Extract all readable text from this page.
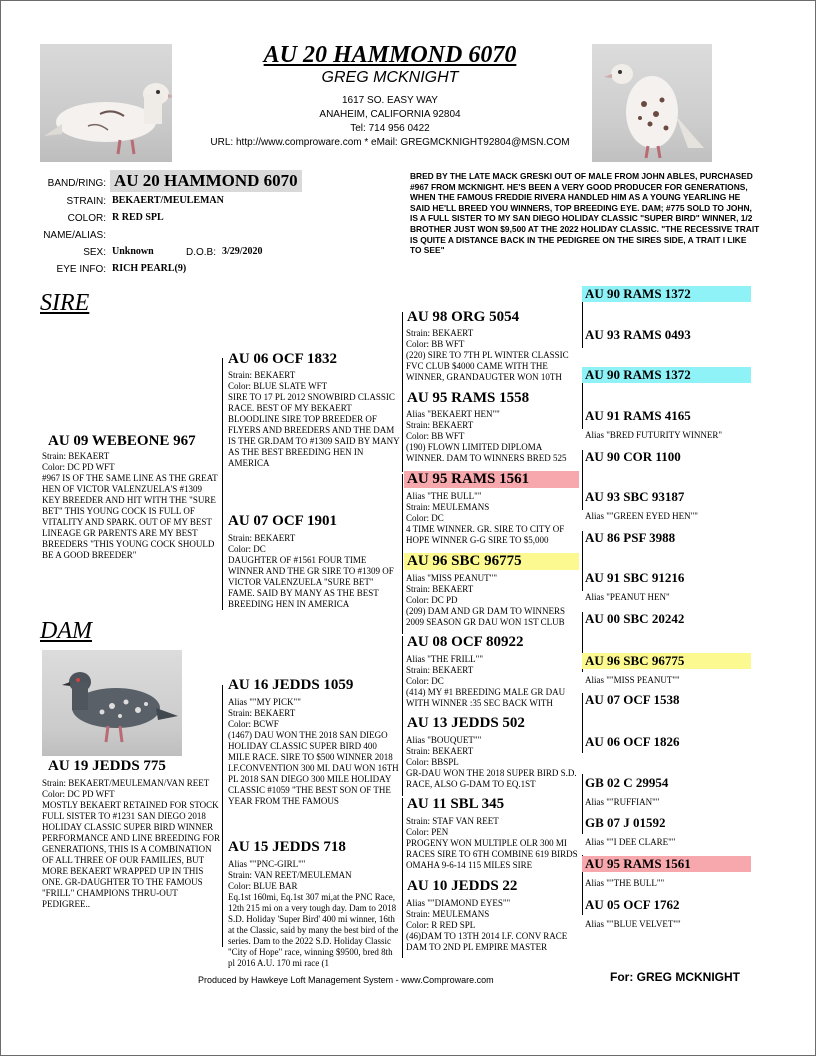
AU 20 HAMMOND 6070
GREG MCKNIGHT
1617 SO. EASY WAY
ANAHEIM, CALIFORNIA 92804
Tel: 714 956 0422
URL: http://www.comproware.com * eMail: GREGMCKNIGHT92804@MSN.COM
BAND/RING: AU 20 HAMMOND 6070
STRAIN: BEKAERT/MEULEMAN
COLOR: R RED SPL
NAME/ALIAS:
SEX: Unknown	D.O.B: 3/29/2020
EYE INFO: RICH PEARL(9)
BRED BY THE LATE MACK GRESKI OUT OF MALE FROM JOHN ABLES, PURCHASED #967 FROM MCKNIGHT. HE'S BEEN A VERY GOOD PRODUCER FOR GENERATIONS, WHEN THE FAMOUS FREDDIE RIVERA HANDLED HIM AS A YOUNG YEARLING HE SAID HE'LL BREED YOU WINNERS, TOP BREEDING EYE. DAM; #775 SOLD TO JOHN, IS A FULL SISTER TO MY SAN DIEGO HOLIDAY CLASSIC "SUPER BIRD" WINNER, 1/2 BROTHER JUST WON $9,500 AT THE 2022 HOLIDAY CLASSIC. "THE RECESSIVE TRAIT IS QUITE A DISTANCE BACK IN THE PEDIGREE ON THE SIRES SIDE, A TRAIT I LIKE TO SEE"
SIRE
DAM
AU 09 WEBEONE 967
Strain: BEKAERT
Color: DC PD WFT
#967 IS OF THE SAME LINE AS THE GREAT HEN OF VICTOR VALENZUELA'S #1309 KEY BREEDER AND HIT WITH THE "SURE BET" THIS YOUNG COCK IS FULL OF VITALITY AND SPARK. OUT OF MY BEST LINEAGE GR PARENTS ARE MY BEST BREEDERS "THIS YOUNG COCK SHOULD BE A GOOD BREEDER"
AU 19 JEDDS 775
Strain: BEKAERT/MEULEMAN/VAN REET
Color: DC PD WFT
MOSTLY BEKAERT RETAINED FOR STOCK FULL SISTER TO #1231 SAN DIEGO 2018 HOLIDAY CLASSIC SUPER BIRD WINNER PERFORMANCE AND LINE BREEDING FOR GENERATIONS, THIS IS A COMBINATION OF ALL THREE OF OUR FAMILIES, BUT MORE BEKAERT WRAPPED UP IN THIS ONE. GR-DAUGHTER TO THE FAMOUS "FRILL" CHAMPIONS THRU-OUT PEDIGREE..
AU 06 OCF 1832
Strain: BEKAERT
Color: BLUE SLATE WFT
SIRE TO 17 PL 2012 SNOWBIRD CLASSIC RACE. BEST OF MY BEKAERT BLOODLINE SIRE TOP BREEDER OF FLYERS AND BREEDERS AND THE DAM IS THE GR.DAM TO #1309 SAID BY MANY AS THE BEST BREEDING HEN IN AMERICA
AU 07 OCF 1901
Strain: BEKAERT
Color: DC
DAUGHTER OF #1561 FOUR TIME WINNER AND THE GR SIRE TO #1309 OF VICTOR VALENZUELA "SURE BET" FAME. SAID BY MANY AS THE BEST BREEDING HEN IN AMERICA
AU 16 JEDDS 1059
Alias ""MY PICK""
Strain: BEKAERT
Color: BCWF
(1467) DAU WON THE 2018 SAN DIEGO HOLIDAY CLASSIC SUPER BIRD 400 MILE RACE. SIRE TO $500 WINNER 2018 I.F.CONVENTION 300 MI. DAU WON 16TH PL 2018 SAN DIEGO 300 MILE HOLIDAY CLASSIC #1059 "THE BEST SON OF THE YEAR FROM THE FAMOUS
AU 15 JEDDS 718
Alias ""PNC-GIRL""
Strain: VAN REET/MEULEMAN
Color: BLUE BAR
Eq.1st 160mi, Eq.1st 307 mi,at the PNC Race, 12th 215 mi on a very tough day. Dam to 2018 S.D. Holiday 'Super Bird' 400 mi winner, 16th at the Classic, said by many the best bird of the series. Dam to the 2022 S.D. Holiday Classic "City of Hope" race, winning $9500, bred 8th pl 2016 A.U. 170 mi race (1
AU 98 ORG 5054
Strain: BEKAERT
Color: BB WFT
(220) SIRE TO 7TH PL WINTER CLASSIC FVC CLUB $4000 CAME WITH THE WINNER, GRANDAUGTER WON 10TH
AU 95 RAMS 1558
Alias "BEKAERT HEN""
Strain: BEKAERT
Color: BB WFT
(190) FLOWN LIMITED DIPLOMA WINNER. DAM TO WINNERS BRED 525
AU 95 RAMS 1561
Alias "THE BULL""
Strain: MEULEMANS
Color: DC
4 TIME WINNER. GR. SIRE TO CITY OF HOPE WINNER G-G SIRE TO $5,000
AU 96 SBC 96775
Alias "MISS PEANUT""
Strain: BEKAERT
Color: DC PD
(209) DAM AND GR DAM TO WINNERS 2009 SEASON GR DAU WON 1ST CLUB
AU 08 OCF 80922
Alias "THE FRILL""
Strain: BEKAERT
Color: DC
(414) MY #1 BREEDING MALE GR DAU WITH WINNER :35 SEC BACK WITH
AU 13 JEDDS 502
Alias "BOUQUET""
Strain: BEKAERT
Color: BBSPL
GR-DAU WON THE 2018 SUPER BIRD S.D. RACE, ALSO G-DAM TO EQ.1ST
AU 11 SBL 345
Strain: STAF VAN REET
Color: PEN
PROGENY WON MULTIPLE OLR 300 MI RACES SIRE TO 6TH COMBINE 619 BIRDS OMAHA 9-6-14 115 MILES SIRE
AU 10 JEDDS 22
Alias ""DIAMOND EYES""
Strain: MEULEMANS
Color: R RED SPL
(46)DAM TO 13TH 2014 I.F. CONV RACE DAM TO 2ND PL EMPIRE MASTER
AU 90 RAMS 1372
AU 93 RAMS 0493
AU 90 RAMS 1372
AU 91 RAMS 4165
Alias "BRED FUTURITY WINNER"
AU 90 COR 1100
AU 93 SBC 93187
Alias ""GREEN EYED HEN""
AU 86 PSF 3988
AU 91 SBC 91216
Alias "PEANUT HEN"
AU 00 SBC 20242
AU 96 SBC 96775
Alias ""MISS PEANUT""
AU 07 OCF 1538
AU 06 OCF 1826
GB 02 C 29954
Alias ""RUFFIAN""
GB 07 J 01592
Alias ""I DEE CLARE""
AU 95 RAMS 1561
Alias ""THE BULL""
AU 05 OCF 1762
Alias ""BLUE VELVET""
Produced by Hawkeye Loft Management System - www.Comproware.com	For: GREG MCKNIGHT
